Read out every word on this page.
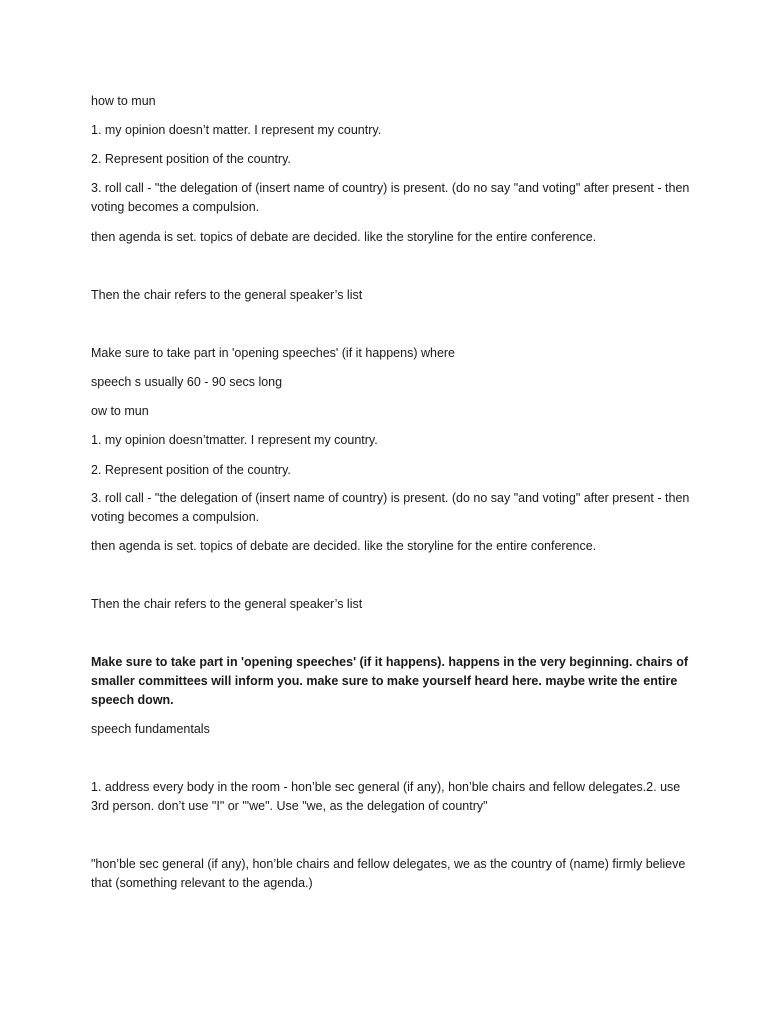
how to mun
1. my opinion doesn’t matter. I represent my country.
2. Represent position of the country.
3. roll call - "the delegation of (insert name of country) is present. (do no say "and voting" after present - then voting becomes a compulsion.
then agenda is set. topics of debate are decided. like the storyline for the entire conference.
Then the chair refers to the general speaker’s list
Make sure to take part in 'opening speeches' (if it happens) where
speech s usually 60 - 90 secs long
ow to mun
1. my opinion doesn’tmatter. I represent my country.
2. Represent position of the country.
3. roll call - "the delegation of (insert name of country) is present. (do no say "and voting" after present - then voting becomes a compulsion.
then agenda is set. topics of debate are decided. like the storyline for the entire conference.
Then the chair refers to the general speaker’s list
Make sure to take part in 'opening speeches' (if it happens). happens in the very beginning. chairs of smaller committees will inform you. make sure to make yourself heard here. maybe write the entire speech down.
speech fundamentals
1. address every body in the room - hon’ble sec general (if any), hon’ble chairs and fellow delegates.2. use 3rd person. don’t use "I" or "'we". Use "we, as the delegation of country"
"hon’ble sec general (if any), hon’ble chairs and fellow delegates, we as the country of (name) firmly believe that (something relevant to the agenda.)
